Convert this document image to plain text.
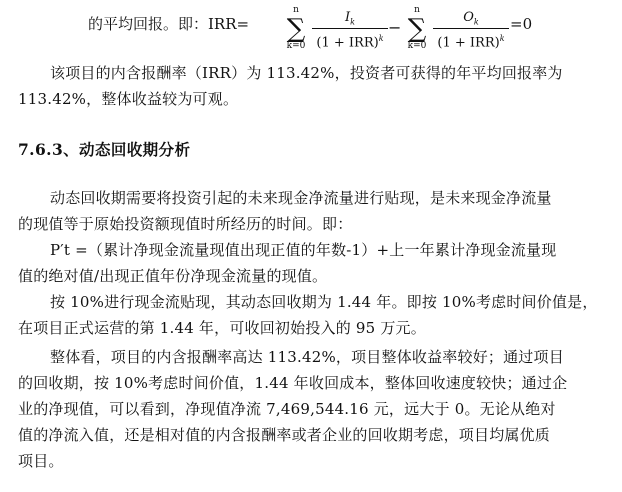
的平均回报。即：IRR=
n
∑
k=0
$I_k$
(1 + IRR)$^k$
−
n
∑
k=0
$O_k$
(1 + IRR)$^k$
=0
该项目的内含报酬率（IRR）为 113.42%，投资者可获得的年平均回报率为
113.42%，整体收益较为可观。
7.6.3、动态回收期分析
动态回收期需要将投资引起的未来现金净流量进行贴现，是未来现金净流量
的现值等于原始投资额现值时所经历的时间。即：
P′t =（累计净现金流量现值出现正值的年数-1）+上一年累计净现金流量现
值的绝对值/出现正值年份净现金流量的现值。
按 10%进行现金流贴现，其动态回收期为 1.44 年。即按 10%考虑时间价值是，
在项目正式运营的第 1.44 年，可收回初始投入的 95 万元。
整体看，项目的内含报酬率高达 113.42%，项目整体收益率较好；通过项目
的回收期，按 10%考虑时间价值，1.44 年收回成本，整体回收速度较快；通过企
业的净现值，可以看到，净现值净流 7,469,544.16 元，远大于 0。无论从绝对
值的净流入值，还是相对值的内含报酬率或者企业的回收期考虑，项目均属优质
项目。
